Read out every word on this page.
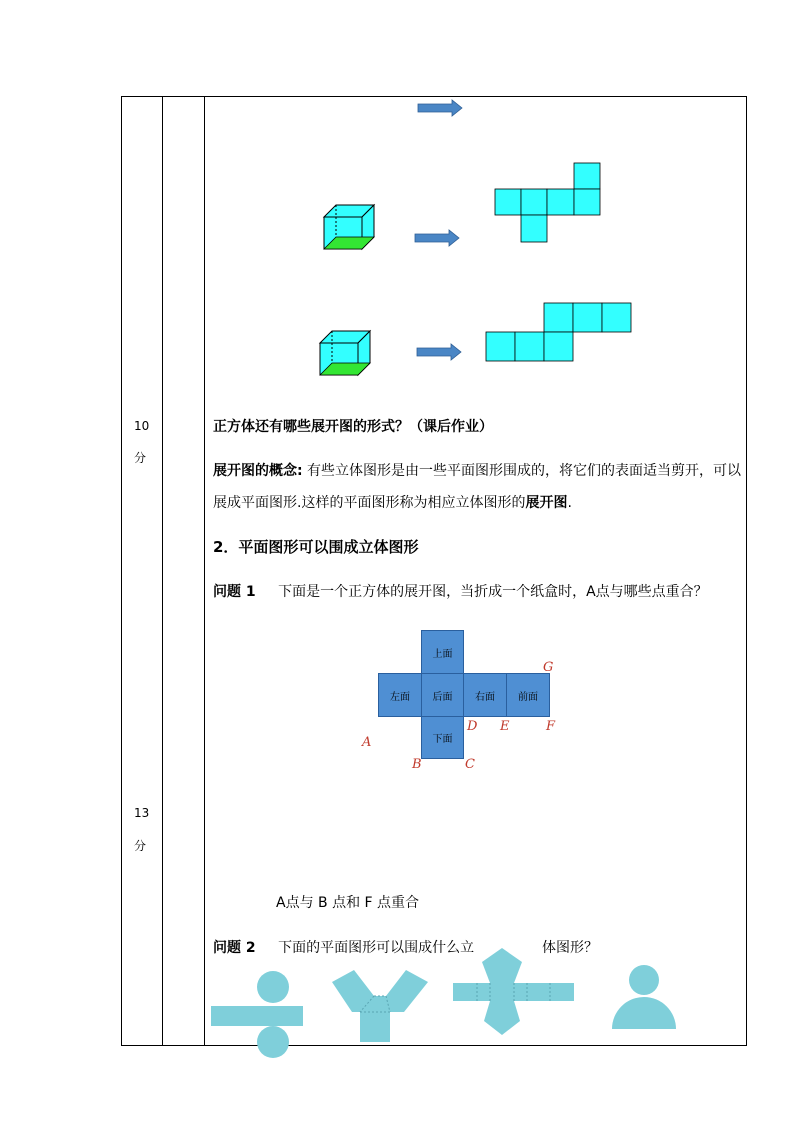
10
分
13
分
正方体还有哪些展开图的形式？（课后作业）
展开图的概念: 有些立体图形是由一些平面图形围成的，将它们的表面适当剪开，可以
展成平面图形.这样的平面图形称为相应立体图形的展开图.
2．平面图形可以围成立体图形
问题 1 下面是一个正方体的展开图，当折成一个纸盒时，A点与哪些点重合？
上面
左面	后面	右面	前面
下面
G
D E	F
A
B	C
A点与 B 点和 F 点重合
问题 2 下面的平面图形可以围成什么立	体图形？
